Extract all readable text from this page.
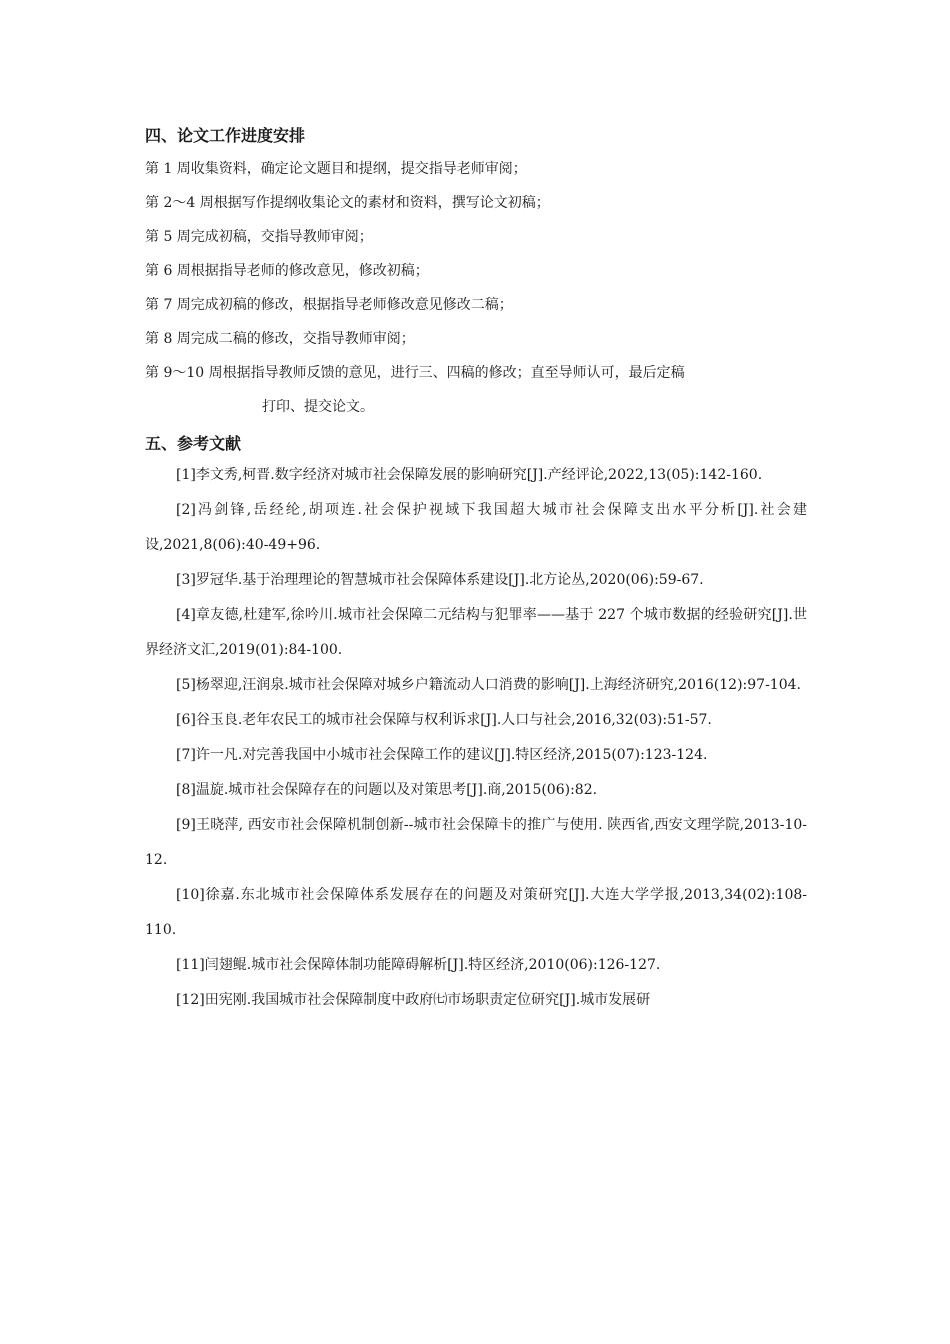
四、论文工作进度安排

第 1 周收集资料，确定论文题目和提纲，提交指导老师审阅；

第 2～4 周根据写作提纲收集论文的素材和资料，撰写论文初稿；

第 5 周完成初稿，交指导教师审阅；

第 6 周根据指导老师的修改意见，修改初稿；

第 7 周完成初稿的修改，根据指导老师修改意见修改二稿；

第 8 周完成二稿的修改，交指导教师审阅；

第 9～10 周根据指导教师反馈的意见，进行三、四稿的修改；直至导师认可，最后定稿

打印、提交论文。

五、参考文献

[1]李文秀,柯晋.数字经济对城市社会保障发展的影响研究[J].产经评论,2022,13(05):142-160.

[2]冯剑锋,岳经纶,胡项连.社会保护视域下我国超大城市社会保障支出水平分析[J].社会建设,2021,8(06):40-49+96.

[3]罗冠华.基于治理理论的智慧城市社会保障体系建设[J].北方论丛,2020(06):59-67.

[4]章友德,杜建军,徐吟川.城市社会保障二元结构与犯罪率——基于 227 个城市数据的经验研究[J].世界经济文汇,2019(01):84-100.

[5]杨翠迎,汪润泉.城市社会保障对城乡户籍流动人口消费的影响[J].上海经济研究,2016(12):97-104.

[6]谷玉良.老年农民工的城市社会保障与权利诉求[J].人口与社会,2016,32(03):51-57.

[7]许一凡.对完善我国中小城市社会保障工作的建议[J].特区经济,2015(07):123-124.

[8]温旋.城市社会保障存在的问题以及对策思考[J].商,2015(06):82.

[9]王晓萍, 西安市社会保障机制创新--城市社会保障卡的推广与使用. 陕西省,西安文理学院,2013-10-12.

[10]徐嘉.东北城市社会保障体系发展存在的问题及对策研究[J].大连大学学报,2013,34(02):108-110.

[11]闫翅鲲.城市社会保障体制功能障碍解析[J].特区经济,2010(06):126-127.

[12]田宪刚.我国城市社会保障制度中政府㈦市场职责定位研究[J].城市发展研
